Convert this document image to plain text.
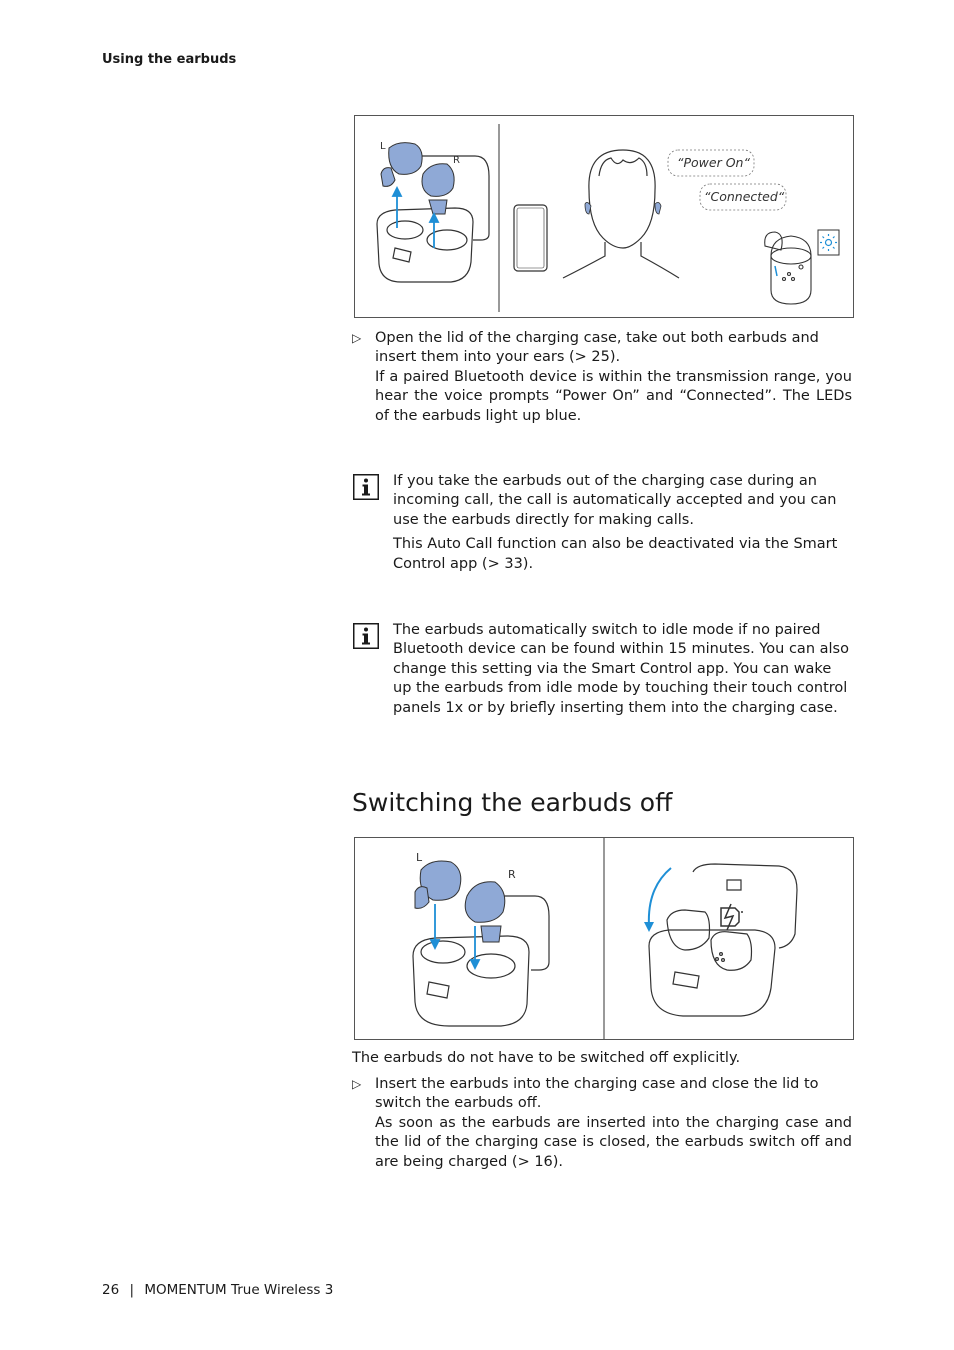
Using the earbuds
L
R	“Power On“
“Connected“
▷ Open the lid of the charging case, take out both earbuds and insert them into your ears (> 25).
If a paired Bluetooth device is within the transmission range, you hear the voice prompts “Power On” and “Connected”. The LEDs of the earbuds light up blue.

If you take the earbuds out of the charging case during an incoming call, the call is automatically accepted and you can use the earbuds directly for making calls.

This Auto Call function can also be deactivated via the Smart Control app (> 33).

The earbuds automatically switch to idle mode if no paired Bluetooth device can be found within 15 minutes. You can also change this setting via the Smart Control app. You can wake up the earbuds from idle mode by touching their touch control panels 1x or by briefly inserting them into the charging case.

Switching the earbuds off
L
R
The earbuds do not have to be switched off explicitly.
▷ Insert the earbuds into the charging case and close the lid to switch the earbuds off.
As soon as the earbuds are inserted into the charging case and the lid of the charging case is closed, the earbuds switch off and are being charged (> 16).
26 | MOMENTUM True Wireless 3
